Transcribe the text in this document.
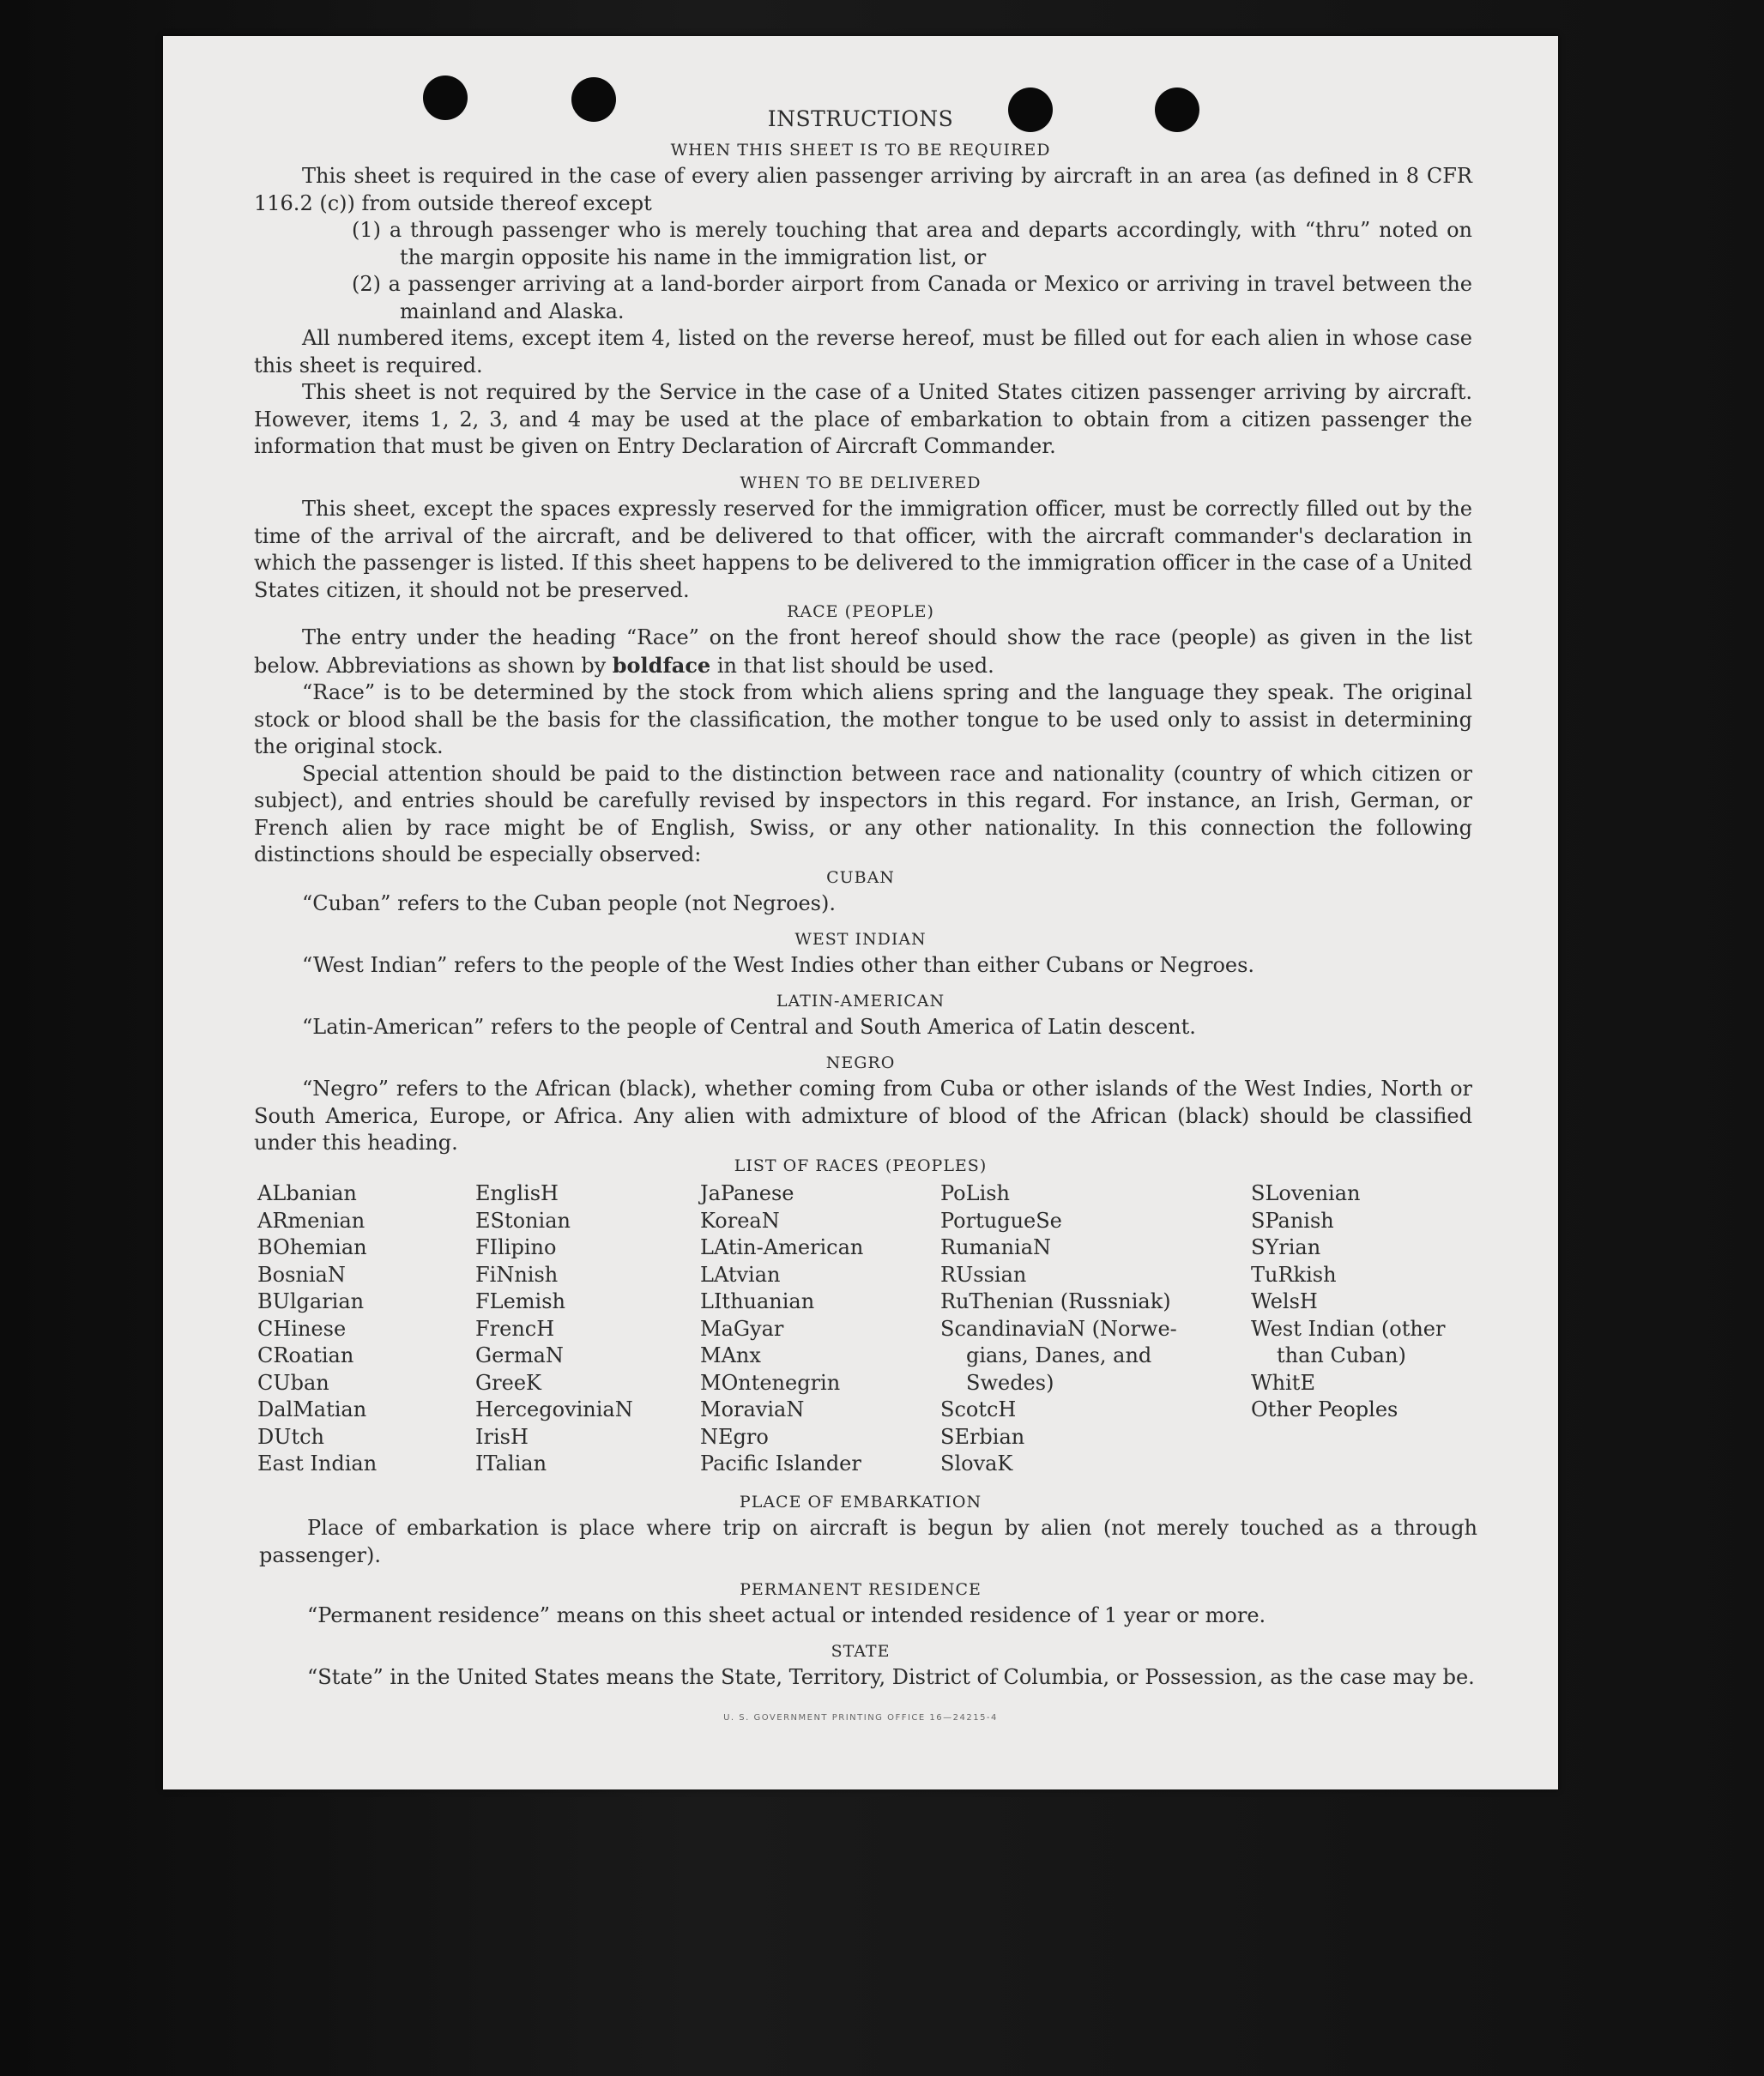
INSTRUCTIONS
WHEN THIS SHEET IS TO BE REQUIRED

This sheet is required in the case of every alien passenger arriving by aircraft in an area (as defined in 8 CFR 116.2 (c)) from outside thereof except

(1) a through passenger who is merely touching that area and departs accordingly, with “thru” noted on the margin opposite his name in the immigration list, or

(2) a passenger arriving at a land-border airport from Canada or Mexico or arriving in travel between the mainland and Alaska.

All numbered items, except item 4, listed on the reverse hereof, must be filled out for each alien in whose case this sheet is required.

This sheet is not required by the Service in the case of a United States citizen passenger arriving by aircraft. However, items 1, 2, 3, and 4 may be used at the place of embarkation to obtain from a citizen passenger the information that must be given on Entry Declaration of Aircraft Commander.

WHEN TO BE DELIVERED

This sheet, except the spaces expressly reserved for the immigration officer, must be correctly filled out by the time of the arrival of the aircraft, and be delivered to that officer, with the aircraft commander's declaration in which the passenger is listed. If this sheet happens to be delivered to the immigration officer in the case of a United States citizen, it should not be preserved.

RACE (PEOPLE)

The entry under the heading “Race” on the front hereof should show the race (people) as given in the list below. Abbreviations as shown by boldface in that list should be used.

“Race” is to be determined by the stock from which aliens spring and the language they speak. The original stock or blood shall be the basis for the classification, the mother tongue to be used only to assist in determining the original stock.

Special attention should be paid to the distinction between race and nationality (country of which citizen or subject), and entries should be carefully revised by inspectors in this regard. For instance, an Irish, German, or French alien by race might be of English, Swiss, or any other nationality. In this connection the following distinctions should be especially observed:

CUBAN

“Cuban” refers to the Cuban people (not Negroes).

WEST INDIAN

“West Indian” refers to the people of the West Indies other than either Cubans or Negroes.

LATIN-AMERICAN

“Latin-American” refers to the people of Central and South America of Latin descent.

NEGRO

“Negro” refers to the African (black), whether coming from Cuba or other islands of the West Indies, North or South America, Europe, or Africa. Any alien with admixture of blood of the African (black) should be classified under this heading.

LIST OF RACES (PEOPLES)
ALbanian
ARmenian
BOhemian
BosniaN
BUlgarian
CHinese
CRoatian
CUban
DalMatian
DUtch
East Indian
EnglisH
EStonian
FIlipino
FiNnish
FLemish
FrencH
GermaN
GreeK
HercegoviniaN
IrisH
ITalian
JaPanese
KoreaN
LAtin-American
LAtvian
LIthuanian
MaGyar
MAnx
MOntenegrin
MoraviaN
NEgro
Pacific Islander
PoLish
PortugueSe
RumaniaN
RUssian
RuThenian (Russniak)
ScandinaviaN (Norwe-
gians, Danes, and
Swedes)
ScotcH
SErbian
SlovaK
SLovenian
SPanish
SYrian
TuRkish
WelsH
West Indian (other
than Cuban)
WhitE
Other Peoples
PLACE OF EMBARKATION

Place of embarkation is place where trip on aircraft is begun by alien (not merely touched as a through passenger).

PERMANENT RESIDENCE

“Permanent residence” means on this sheet actual or intended residence of 1 year or more.

STATE

“State” in the United States means the State, Territory, District of Columbia, or Possession, as the case may be.

U. S. GOVERNMENT PRINTING OFFICE 16—24215-4
